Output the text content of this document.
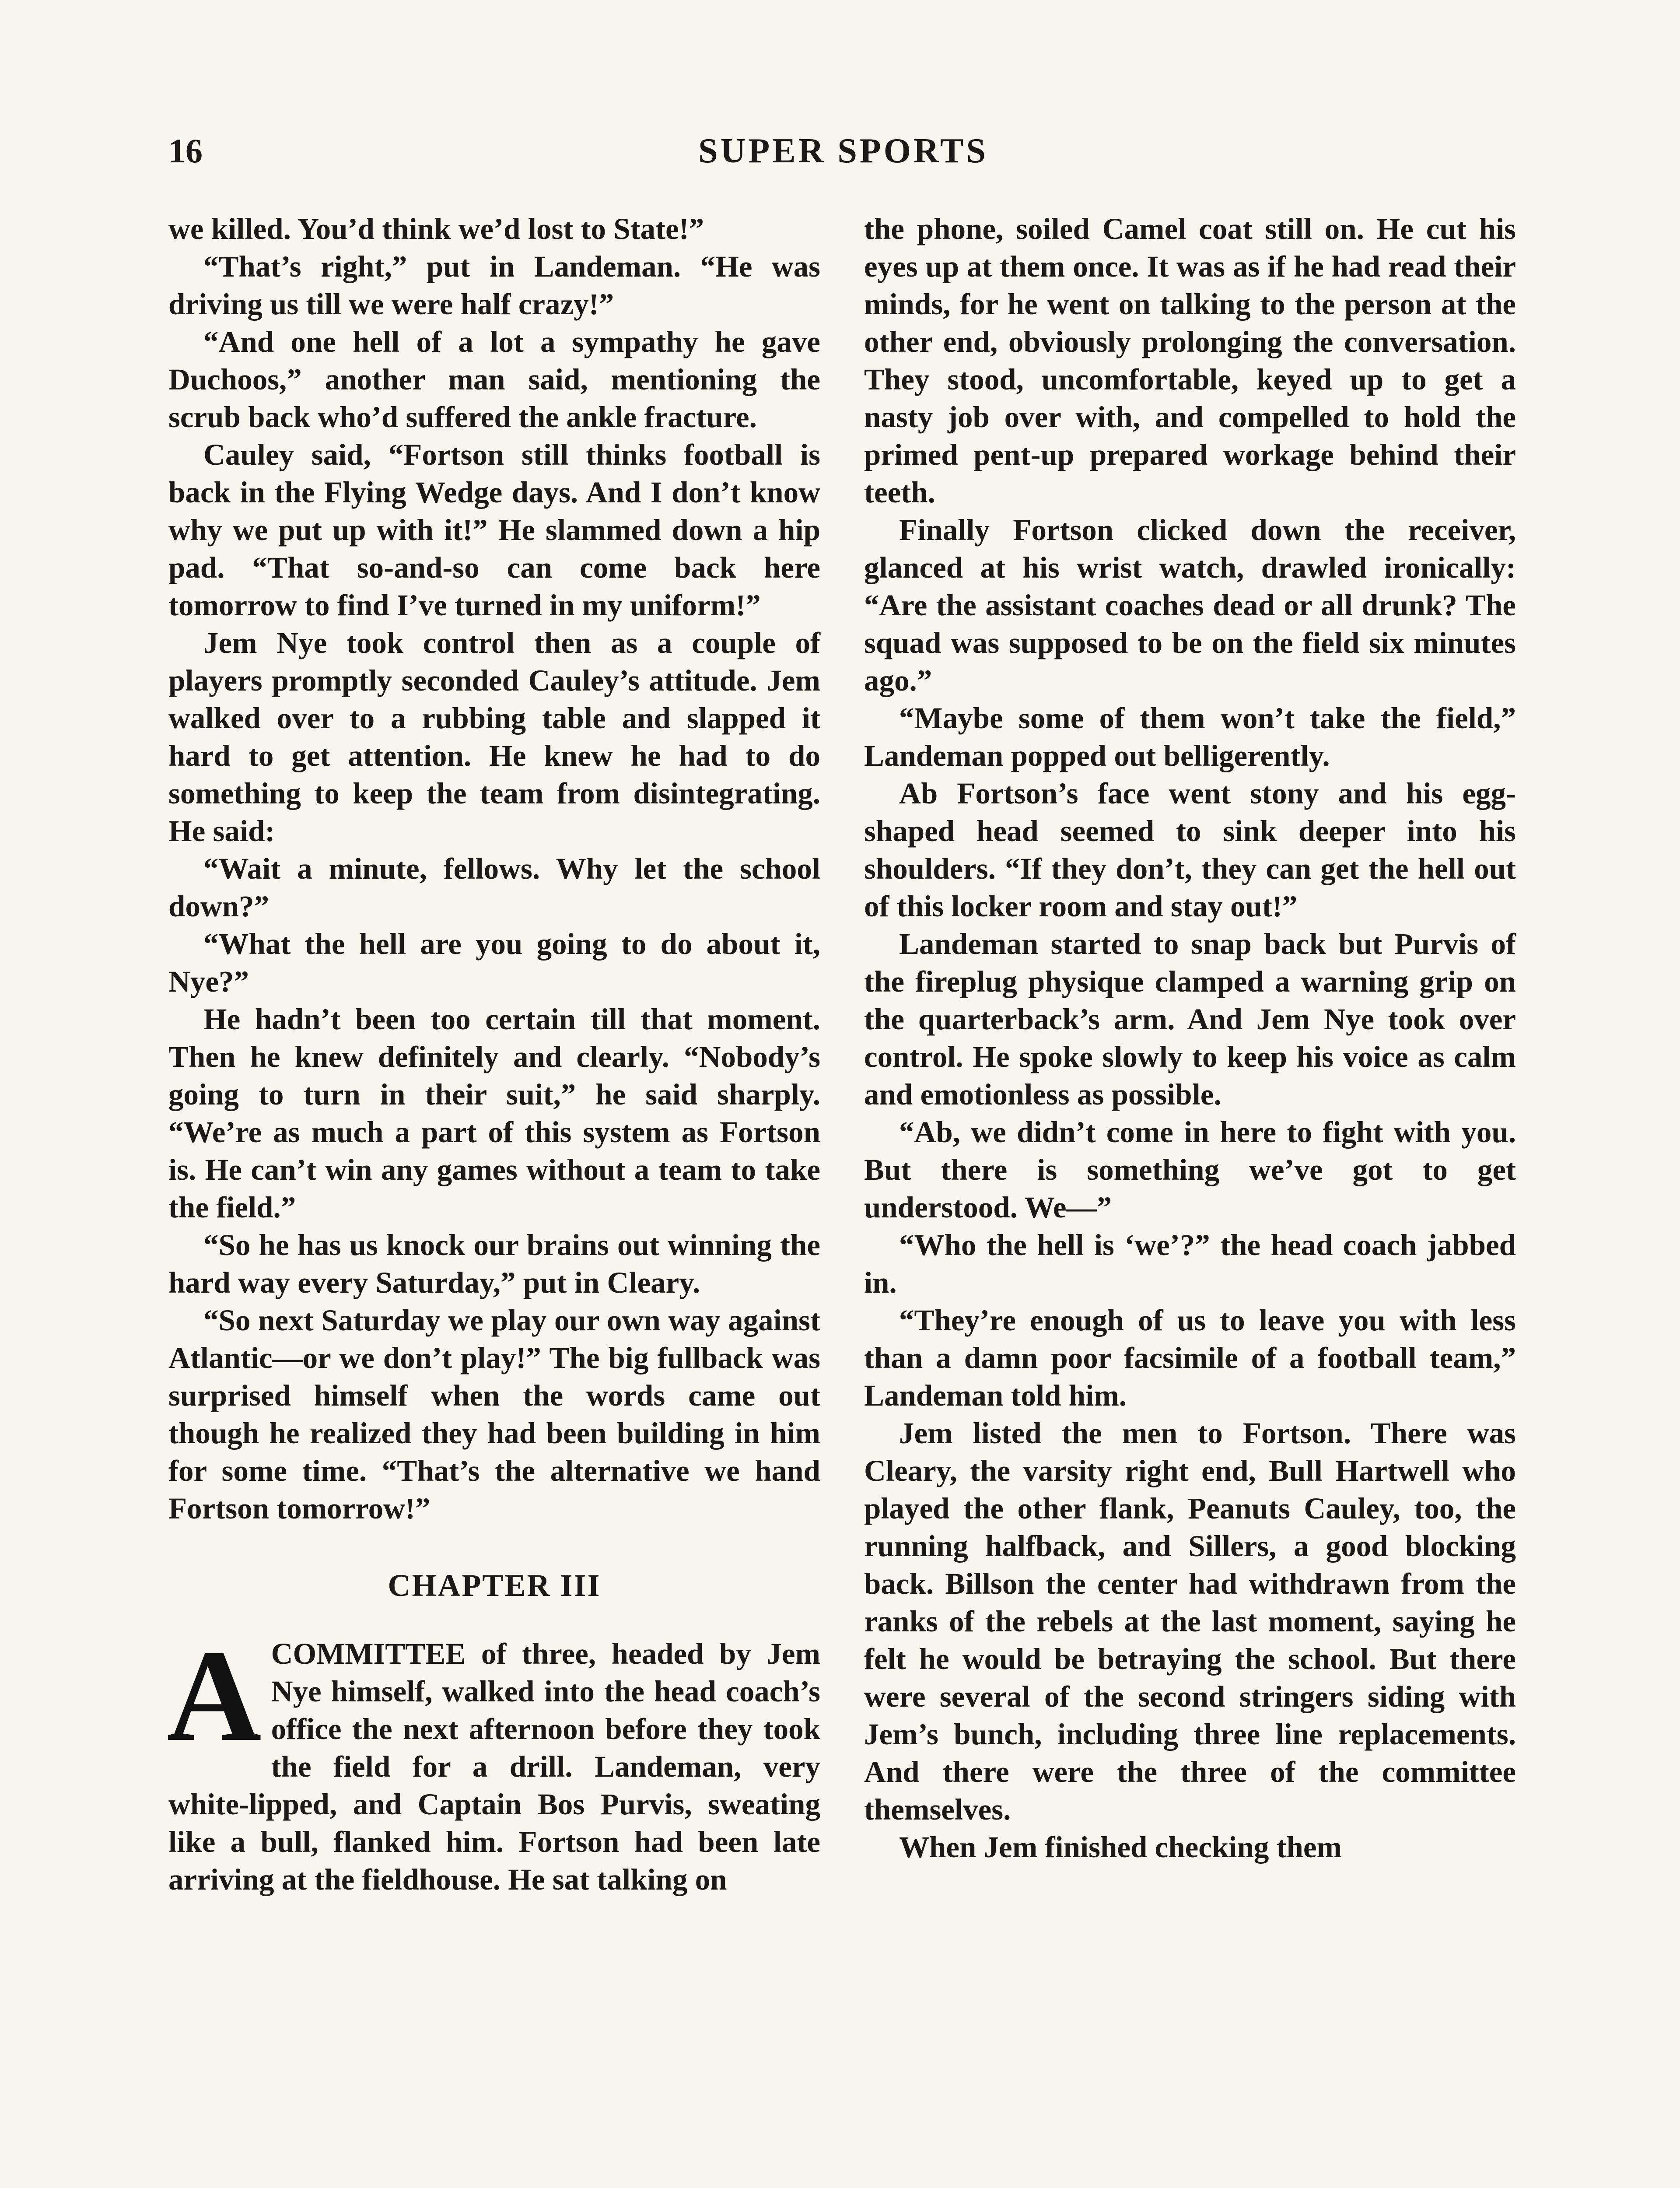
16	SUPER SPORTS

we killed. You’d think we’d lost to State!”

“That’s right,” put in Landeman. “He was driving us till we were half crazy!”

“And one hell of a lot a sympathy he gave Duchoos,” another man said, mentioning the scrub back who’d suffered the ankle fracture.

Cauley said, “Fortson still thinks football is back in the Flying Wedge days. And I don’t know why we put up with it!” He slammed down a hip pad. “That so-and-so can come back here tomorrow to find I’ve turned in my uniform!”

Jem Nye took control then as a couple of players promptly seconded Cauley’s attitude. Jem walked over to a rubbing table and slapped it hard to get attention. He knew he had to do something to keep the team from disintegrating. He said:

“Wait a minute, fellows. Why let the school down?”

“What the hell are you going to do about it, Nye?”

He hadn’t been too certain till that moment. Then he knew definitely and clearly. “Nobody’s going to turn in their suit,” he said sharply. “We’re as much a part of this system as Fortson is. He can’t win any games without a team to take the field.”

“So he has us knock our brains out winning the hard way every Saturday,” put in Cleary.

“So next Saturday we play our own way against Atlantic—or we don’t play!” The big fullback was surprised himself when the words came out though he realized they had been building in him for some time. “That’s the alternative we hand Fortson tomorrow!”

CHAPTER III

ACOMMITTEE of three, headed by Jem Nye himself, walked into the head coach’s office the next afternoon before they took the field for a drill. Landeman, very white-lipped, and Captain Bos Purvis, sweating like a bull, flanked him. Fortson had been late arriving at the fieldhouse. He sat talking on

the phone, soiled Camel coat still on. He cut his eyes up at them once. It was as if he had read their minds, for he went on talking to the person at the other end, obviously prolonging the conversation. They stood, uncomfortable, keyed up to get a nasty job over with, and compelled to hold the primed pent-up prepared workage behind their teeth.

Finally Fortson clicked down the receiver, glanced at his wrist watch, drawled ironically: “Are the assistant coaches dead or all drunk? The squad was supposed to be on the field six minutes ago.”

“Maybe some of them won’t take the field,” Landeman popped out belligerently.

Ab Fortson’s face went stony and his egg-shaped head seemed to sink deeper into his shoulders. “If they don’t, they can get the hell out of this locker room and stay out!”

Landeman started to snap back but Purvis of the fireplug physique clamped a warning grip on the quarterback’s arm. And Jem Nye took over control. He spoke slowly to keep his voice as calm and emotionless as possible.

“Ab, we didn’t come in here to fight with you. But there is something we’ve got to get understood. We—”

“Who the hell is ‘we’?” the head coach jabbed in.

“They’re enough of us to leave you with less than a damn poor facsimile of a football team,” Landeman told him.

Jem listed the men to Fortson. There was Cleary, the varsity right end, Bull Hartwell who played the other flank, Peanuts Cauley, too, the running halfback, and Sillers, a good blocking back. Billson the center had withdrawn from the ranks of the rebels at the last moment, saying he felt he would be betraying the school. But there were several of the second stringers siding with Jem’s bunch, including three line replacements. And there were the three of the committee themselves.

When Jem finished checking them
